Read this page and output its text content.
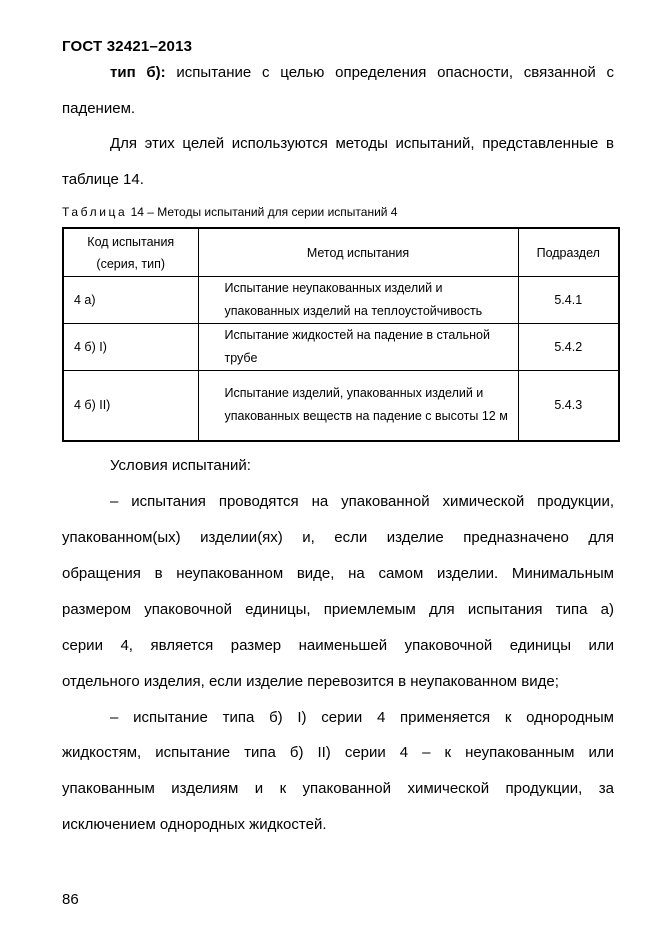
ГОСТ 32421–2013
тип б): испытание с целью определения опасности, связанной с
падением.
Для этих целей используются методы испытаний, представленные в
таблице 14.
Таблица 14 – Методы испытаний для серии испытаний 4
Код испытания (серия, тип)	Метод испытания	Подраздел
4 а)	Испытание неупакованных изделий и упакованных изделий на теплоустойчивость	5.4.1
4 б) I)	Испытание жидкостей на падение в стальной трубе	5.4.2
4 б) II)	Испытание изделий, упакованных изделий и упакованных веществ на падение с высоты 12 м	5.4.3
Условия испытаний:
– испытания проводятся на упакованной химической продукции,
упакованном(ых) изделии(ях) и, если изделие предназначено для
обращения в неупакованном виде, на самом изделии. Минимальным
размером упаковочной единицы, приемлемым для испытания типа а)
серии 4, является размер наименьшей упаковочной единицы или
отдельного изделия, если изделие перевозится в неупакованном виде;
– испытание типа б) I) серии 4 применяется к однородным
жидкостям, испытание типа б) II) серии 4 – к неупакованным или
упакованным изделиям и к упакованной химической продукции, за
исключением однородных жидкостей.
86
